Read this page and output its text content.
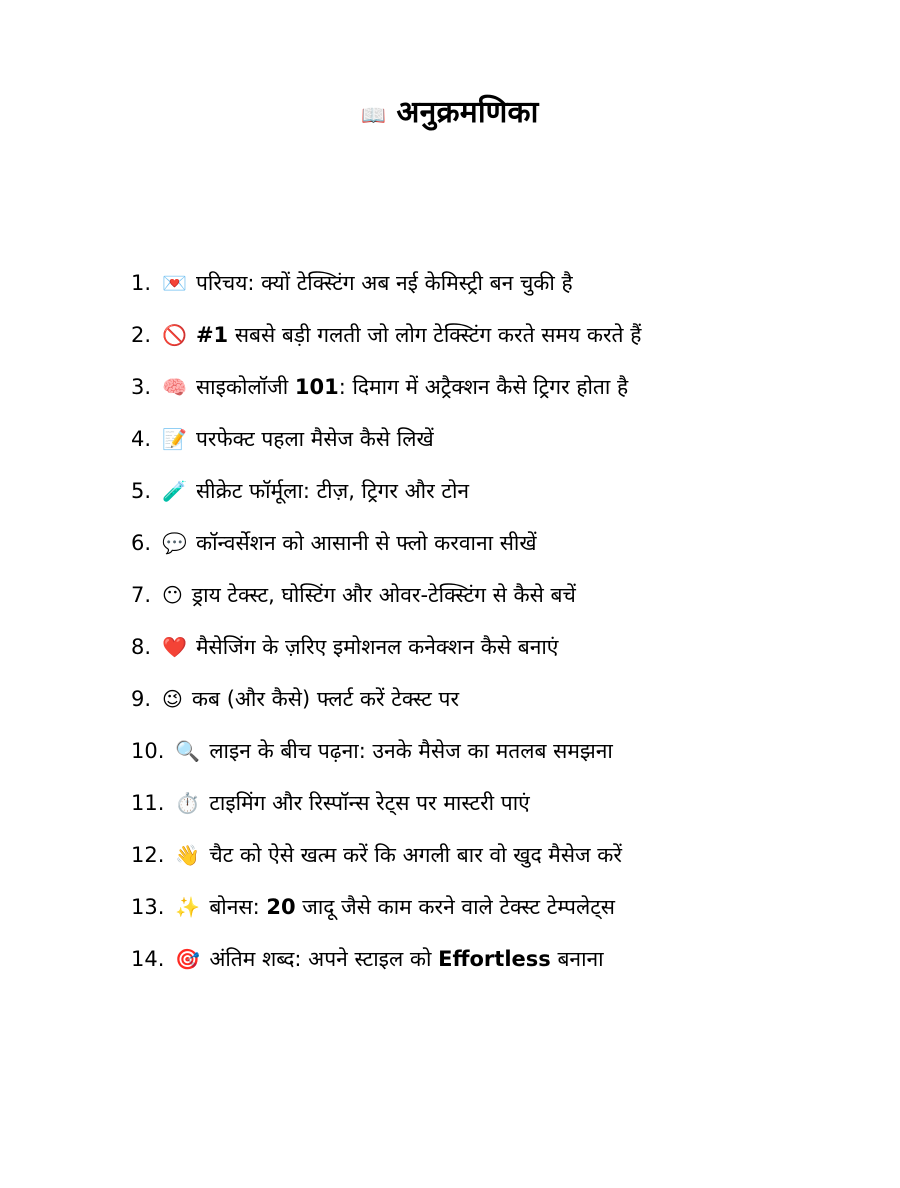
📖 अनुक्रमणिका
1. 💌 परिचय: क्यों टेक्स्टिंग अब नई केमिस्ट्री बन चुकी है
2. 🚫 #1 सबसे बड़ी गलती जो लोग टेक्स्टिंग करते समय करते हैं
3. 🧠 साइकोलॉजी 101: दिमाग में अट्रैक्शन कैसे ट्रिगर होता है
4. 📝 परफेक्ट पहला मैसेज कैसे लिखें
5. 🧪 सीक्रेट फॉर्मूला: टीज़, ट्रिगर और टोन
6. 💬 कॉन्वर्सेशन को आसानी से फ्लो करवाना सीखें
7. 😶 ड्राय टेक्स्ट, घोस्टिंग और ओवर-टेक्स्टिंग से कैसे बचें
8. ❤️ मैसेजिंग के ज़रिए इमोशनल कनेक्शन कैसे बनाएं
9. 😉 कब (और कैसे) फ्लर्ट करें टेक्स्ट पर
10. 🔍 लाइन के बीच पढ़ना: उनके मैसेज का मतलब समझना
11. ⏱️ टाइमिंग और रिस्पॉन्स रेट्स पर मास्टरी पाएं
12. 👋 चैट को ऐसे खत्म करें कि अगली बार वो खुद मैसेज करें
13. ✨ बोनस: 20 जादू जैसे काम करने वाले टेक्स्ट टेम्पलेट्स
14. 🎯 अंतिम शब्द: अपने स्टाइल को Effortless बनाना
